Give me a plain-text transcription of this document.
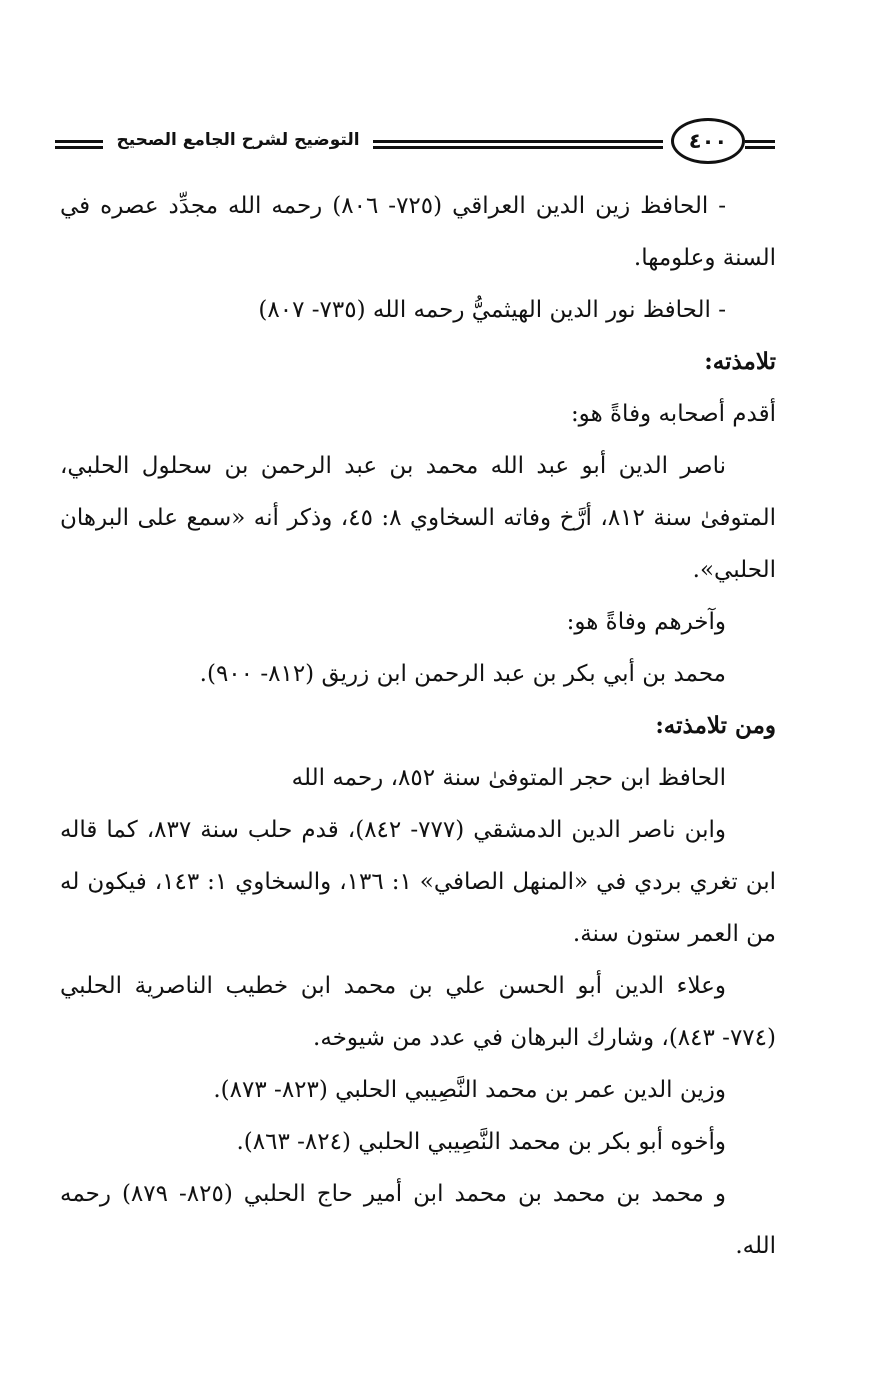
التوضيح لشرح الجامع الصحيح	٤٠٠

- الحافظ زين الدين العراقي (٧٢٥- ٨٠٦) رحمه الله مجدِّد عصره في السنة وعلومها.

- الحافظ نور الدين الهيثميُّ رحمه الله (٧٣٥- ٨٠٧)

تلامذته:

أقدم أصحابه وفاةً هو:

ناصر الدين أبو عبد الله محمد بن عبد الرحمن بن سحلول الحلبي، المتوفىٰ سنة ٨١٢، أرَّخ وفاته السخاوي ٨: ٤٥، وذكر أنه «سمع على البرهان الحلبي».

وآخرهم وفاةً هو:

محمد بن أبي بكر بن عبد الرحمن ابن زريق (٨١٢- ٩٠٠).

ومن تلامذته:

الحافظ ابن حجر المتوفىٰ سنة ٨٥٢، رحمه الله

وابن ناصر الدين الدمشقي (٧٧٧- ٨٤٢)، قدم حلب سنة ٨٣٧، كما قاله ابن تغري بردي في «المنهل الصافي» ١: ١٣٦، والسخاوي ١: ١٤٣، فيكون له من العمر ستون سنة.

وعلاء الدين أبو الحسن علي بن محمد ابن خطيب الناصرية الحلبي (٧٧٤- ٨٤٣)، وشارك البرهان في عدد من شيوخه.

وزين الدين عمر بن محمد النَّصِيبي الحلبي (٨٢٣- ٨٧٣).

وأخوه أبو بكر بن محمد النَّصِيبي الحلبي (٨٢٤- ٨٦٣).

و محمد بن محمد بن محمد ابن أمير حاج الحلبي (٨٢٥- ٨٧٩) رحمه الله.
